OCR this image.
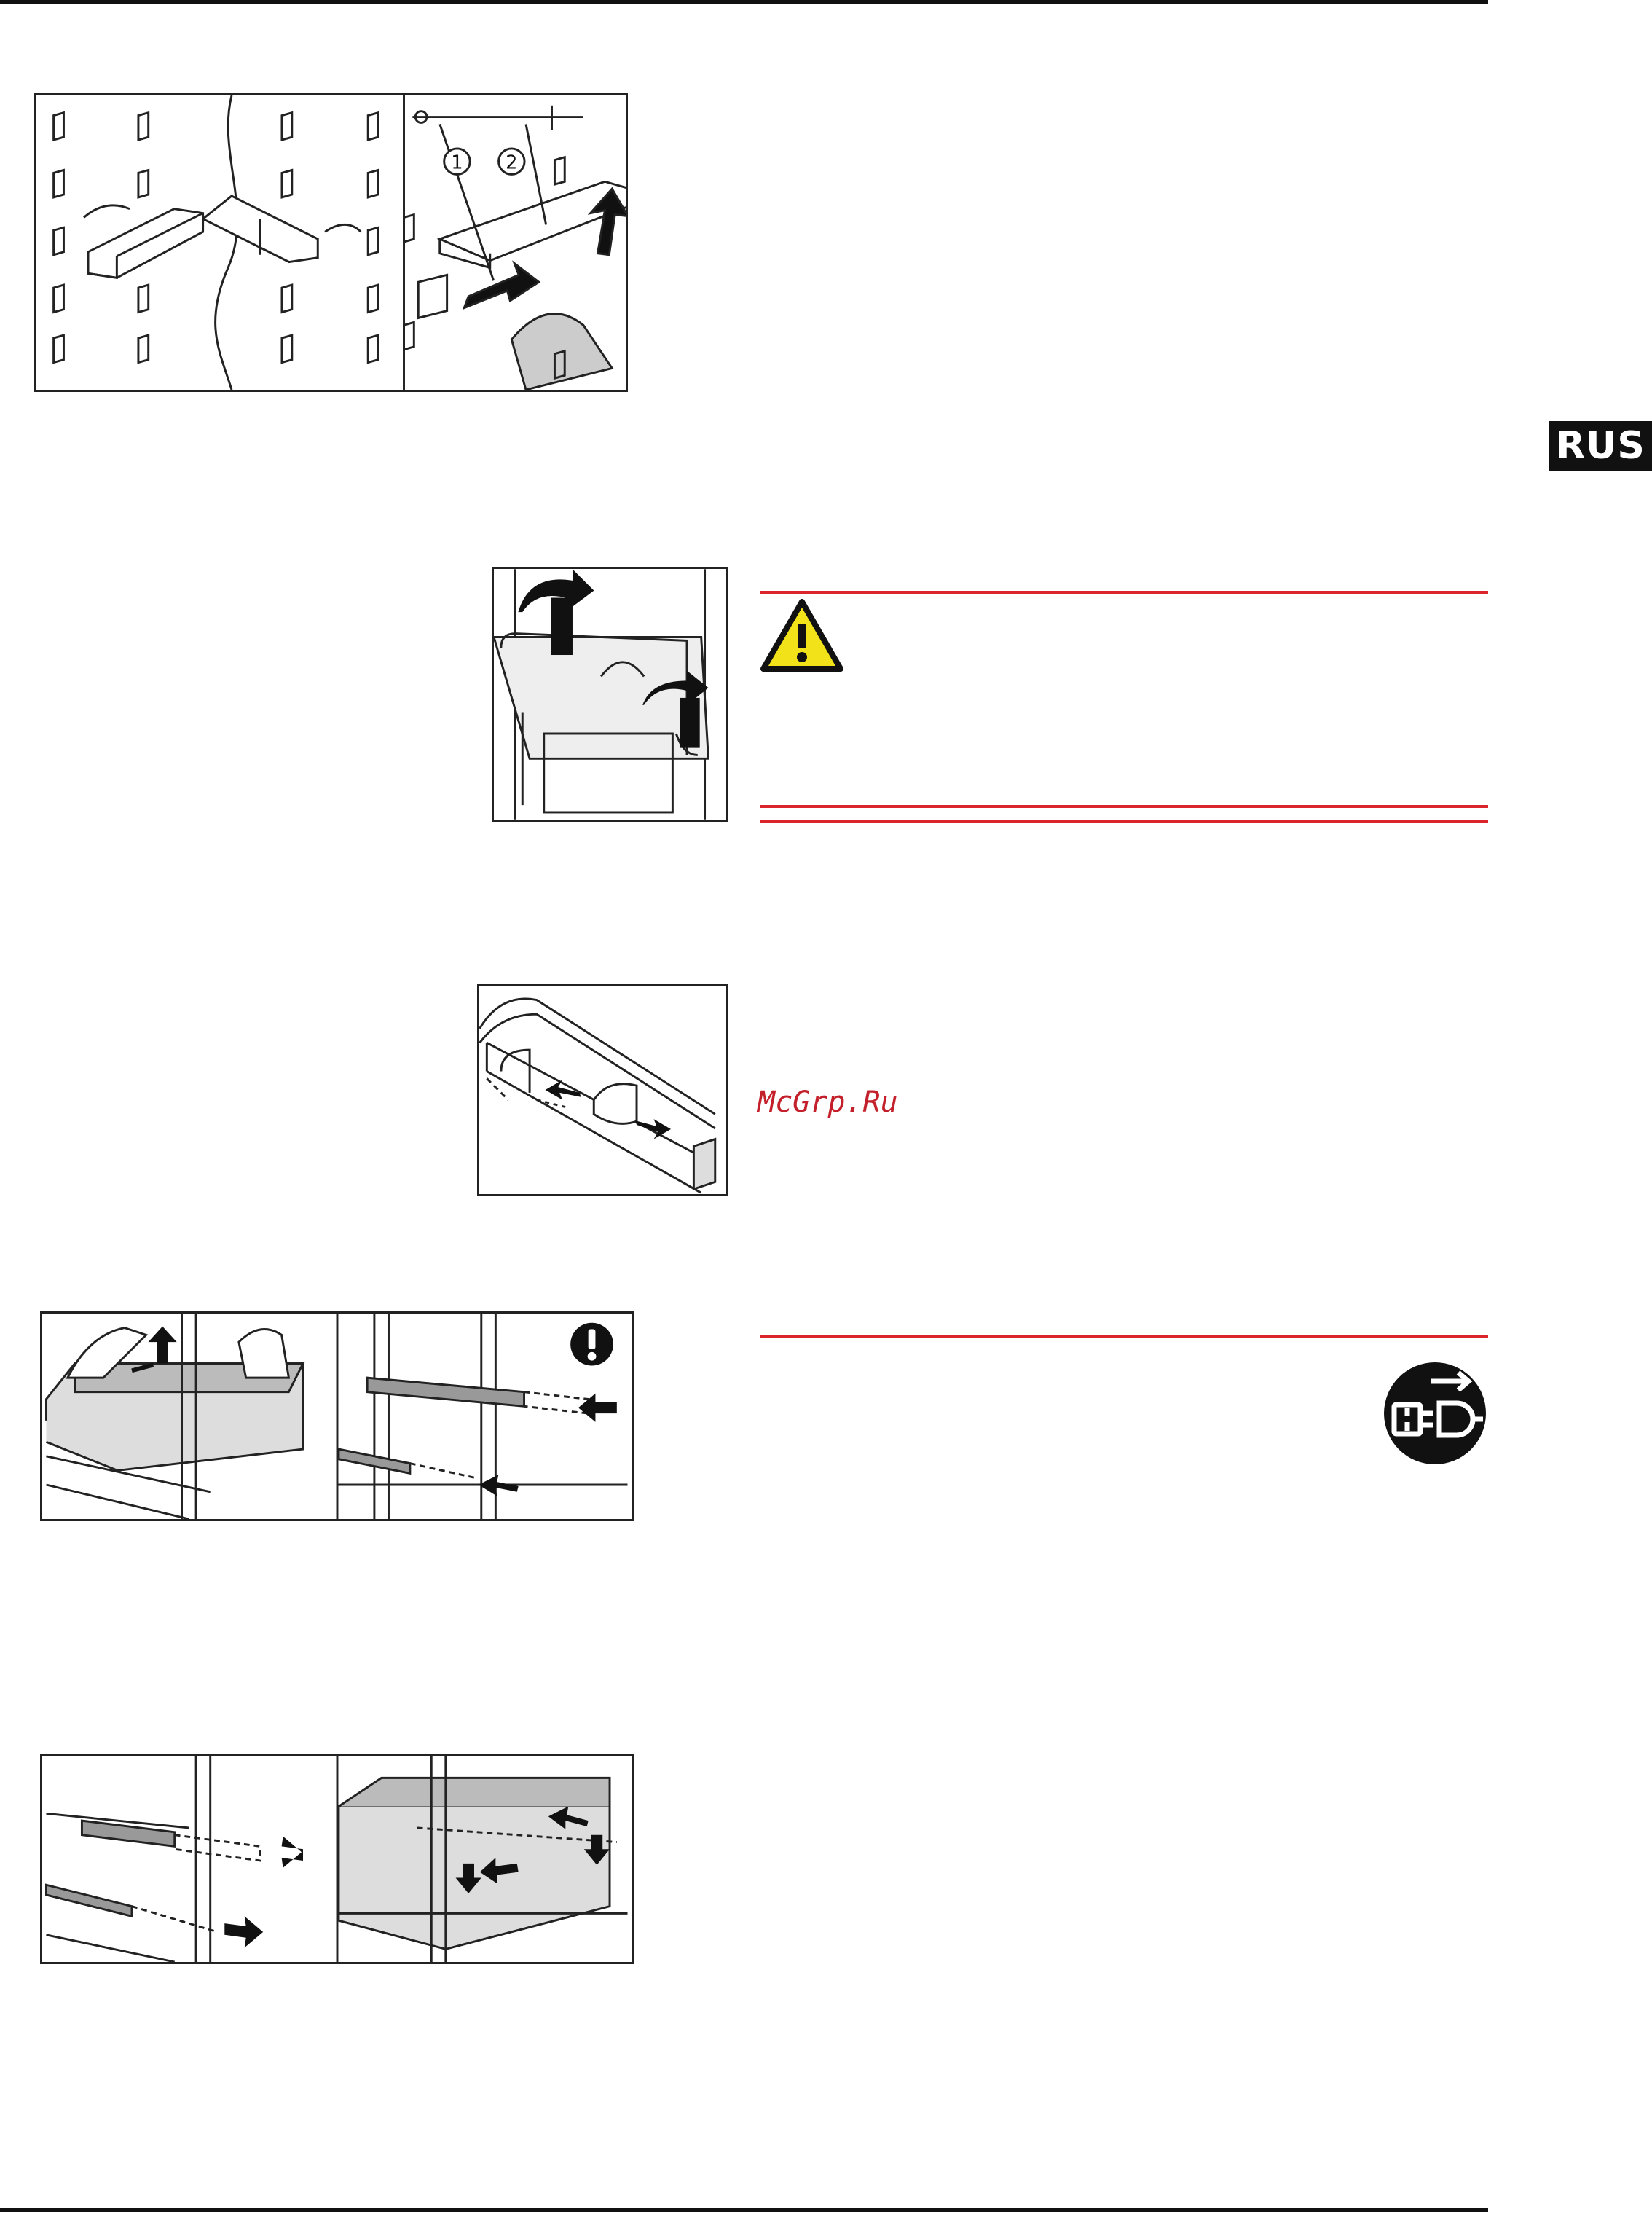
RUS
1 2
McGrp.Ru
